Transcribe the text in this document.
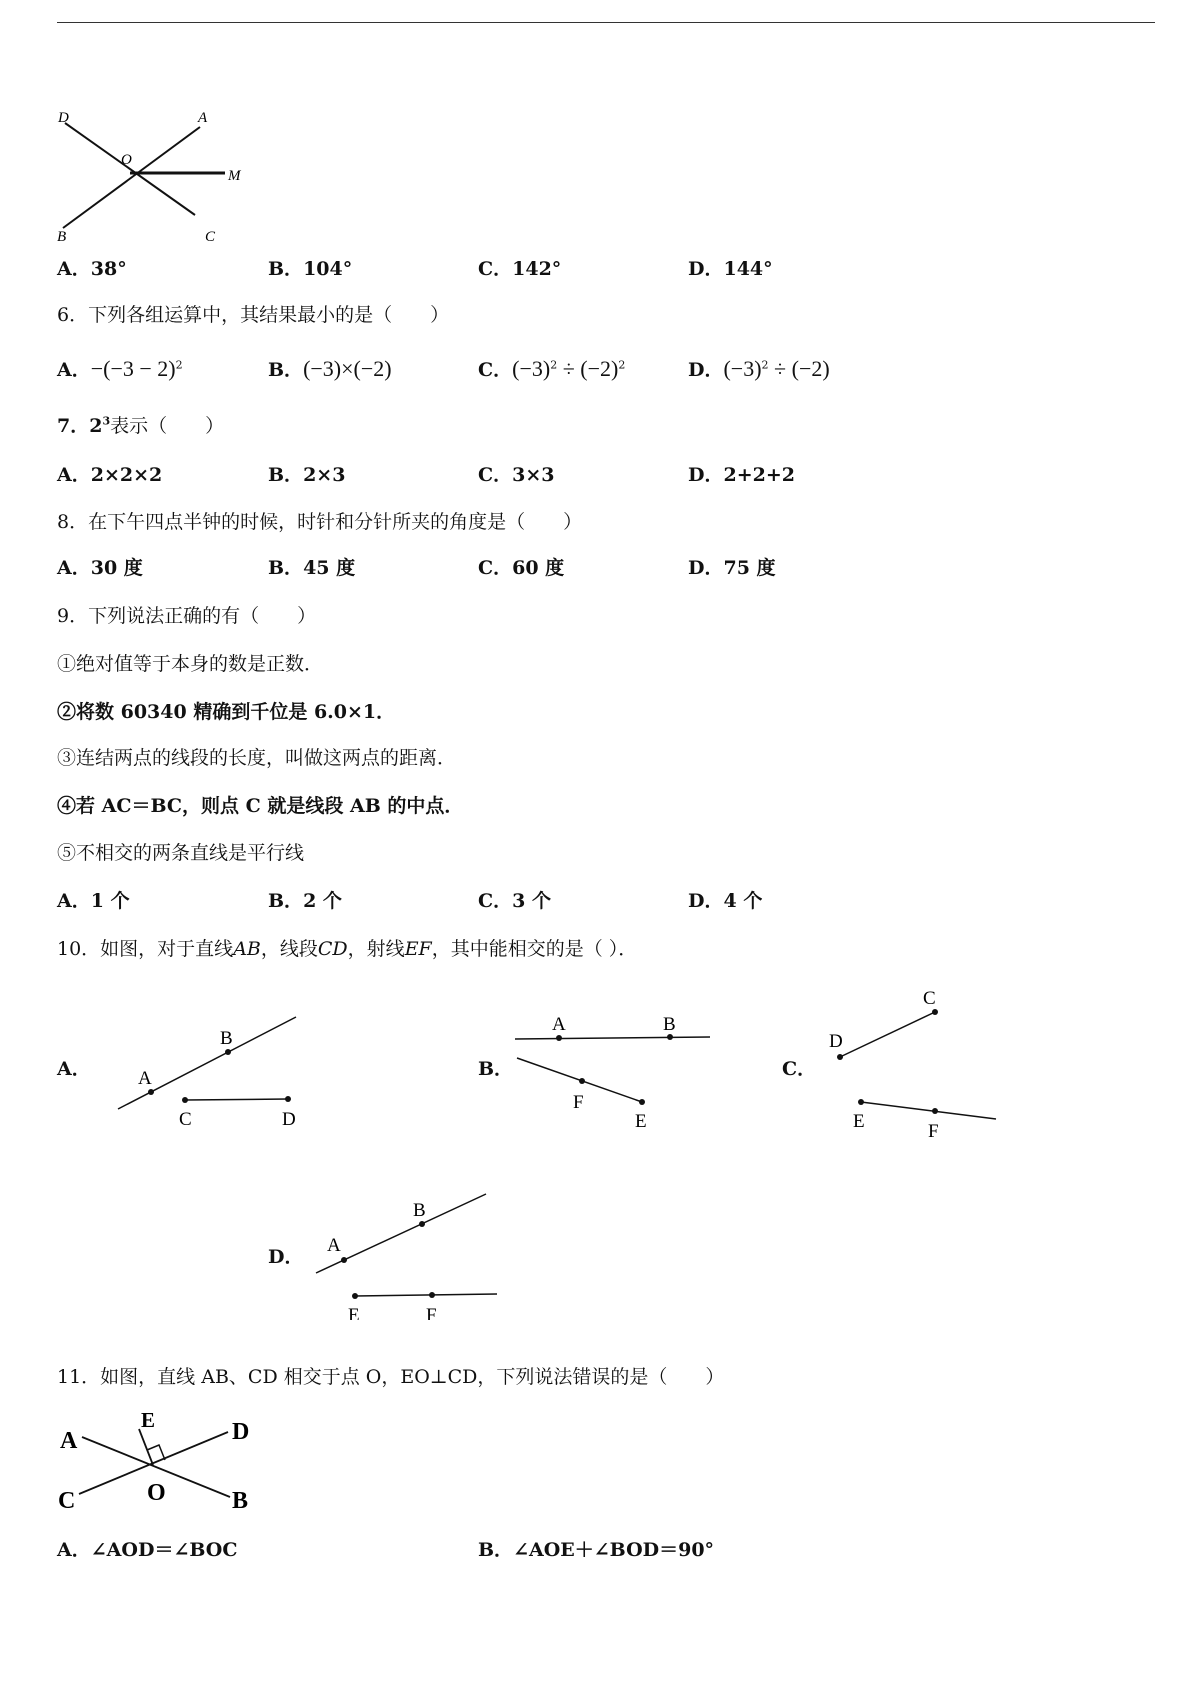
D	A
O
M
B	C
A．38°	B．104°	C．142°	D．144°
6．下列各组运算中，其结果最小的是（　　）
A．$-(-3 - 2)^2$	B．(−3)×(−2)	C．$(-3)^2 \div (-2)^2$	D．$(-3)^2 \div (-2)$
7．$2^3$表示（　　）
A．2×2×2	B．2×3	C．3×3	D．2+2+2
8．在下午四点半钟的时候，时针和分针所夹的角度是（　　）
A．30 度	B．45 度	C．60 度	D．75 度
9．下列说法正确的有（　　）
①绝对值等于本身的数是正数．
②将数 60340 精确到千位是 6.0×1．
③连结两点的线段的长度，叫做这两点的距离．
④若 AC＝BC，则点 C 就是线段 AB 的中点．
⑤不相交的两条直线是平行线
A．1 个	B．2 个	C．3 个	D．4 个
10．如图，对于直线AB，线段CD，射线EF，其中能相交的是（ ）．
A． A
B
C	D
B．
A	B
F
E
C．
C
D
E	F
D．
A
B
E	F
11．如图，直线 AB、CD 相交于点 O，EO⊥CD，下列说法错误的是（　　）
A
E	D
C	O	B
A．∠AOD＝∠BOC	B．∠AOE＋∠BOD＝90°
